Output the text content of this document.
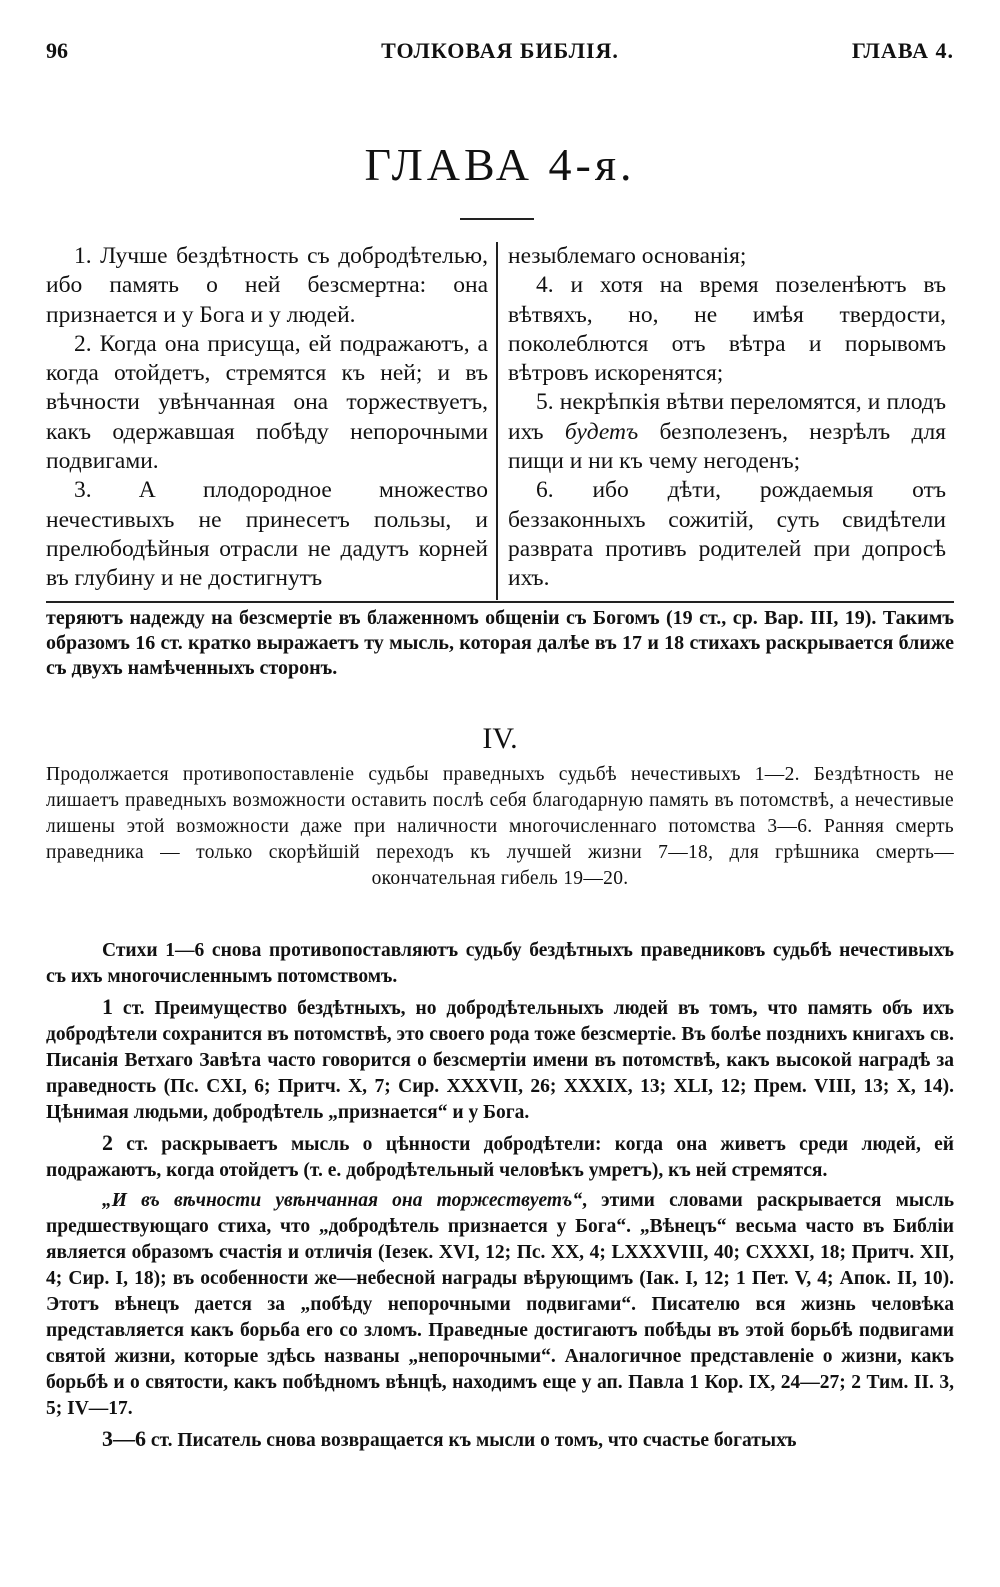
96	ТОЛКОВАЯ БИБЛІЯ.	ГЛАВА 4.
ГЛАВА 4-я.

1. Лучше бездѣтность съ добродѣтелью, ибо память о ней безсмертна: она признается и у Бога и у людей.

2. Когда она присуща, ей подражаютъ, а когда отойдетъ, стремятся къ ней; и въ вѣчности увѣнчанная она торжествуетъ, какъ одержавшая побѣду непорочными подвигами.

3. А плодородное множество нечестивыхъ не принесетъ пользы, и прелюбодѣйныя отрасли не дадутъ корней въ глубину и не достигнутъ

незыблемаго основанія;

4. и хотя на время позеленѣютъ въ вѣтвяхъ, но, не имѣя твердости, поколеблются отъ вѣтра и порывомъ вѣтровъ искоренятся;

5. некрѣпкія вѣтви переломятся, и плодъ ихъ будетъ безполезенъ, незрѣлъ для пищи и ни къ чему негоденъ;

6. ибо дѣти, рождаемыя отъ беззаконныхъ сожитій, суть свидѣтели разврата противъ родителей при допросѣ ихъ.

теряютъ надежду на безсмертіе въ блаженномъ общеніи съ Богомъ (19 ст., ср. Вар. III, 19). Такимъ образомъ 16 ст. кратко выражаетъ ту мысль, которая далѣе въ 17 и 18 стихахъ раскрывается ближе съ двухъ намѣченныхъ сторонъ.
IV.
Продолжается противопоставленіе судьбы праведныхъ судьбѣ нечестивыхъ 1—2. Бездѣтность не лишаетъ праведныхъ возможности оставить послѣ себя благодарную память въ потомствѣ, а нечестивые лишены этой возможности даже при наличности многочисленнаго потомства 3—6. Ранняя смерть праведника — только скорѣйшій переходъ къ лучшей жизни 7—18, для грѣшника смерть—окончательная гибель 19—20.

Стихи 1—6 снова противопоставляютъ судьбу бездѣтныхъ праведниковъ судьбѣ нечестивыхъ съ ихъ многочисленнымъ потомствомъ.

1 ст. Преимущество бездѣтныхъ, но добродѣтельныхъ людей въ томъ, что память объ ихъ добродѣтели сохранится въ потомствѣ, это своего рода тоже безсмертіе. Въ болѣе позднихъ книгахъ св. Писанія Ветхаго Завѣта часто говорится о безсмертіи имени въ потомствѣ, какъ высокой наградѣ за праведность (Пс. CXI, 6; Притч. X, 7; Сир. XXXVII, 26; XXXIX, 13; XLI, 12; Прем. VIII, 13; X, 14). Цѣнимая людьми, добродѣтель „признается“ и у Бога.

2 ст. раскрываетъ мысль о цѣнности добродѣтели: когда она живетъ среди людей, ей подражаютъ, когда отойдетъ (т. е. добродѣтельный человѣкъ умретъ), къ ней стремятся.

„И въ вѣчности увѣнчанная она торжествуетъ“, этими словами раскрывается мысль предшествующаго стиха, что „добродѣтель признается у Бога“. „Вѣнецъ“ весьма часто въ Библіи является образомъ счастія и отличія (Іезек. XVI, 12; Пс. XX, 4; LXXXVIII, 40; CXXXI, 18; Притч. XII, 4; Сир. I, 18); въ особенности же—небесной награды вѣрующимъ (Іак. I, 12; 1 Пет. V, 4; Апок. II, 10). Этотъ вѣнецъ дается за „побѣду непорочными подвигами“. Писателю вся жизнь человѣка представляется какъ борьба его со зломъ. Праведные достигаютъ побѣды въ этой борьбѣ подвигами святой жизни, которые здѣсь названы „непорочными“. Аналогичное представленіе о жизни, какъ борьбѣ и о святости, какъ побѣдномъ вѣнцѣ, находимъ еще у ап. Павла 1 Кор. IX, 24—27; 2 Тим. II. 3, 5; IV—17.

3—6 ст. Писатель снова возвращается къ мысли о томъ, что счастье богатыхъ
